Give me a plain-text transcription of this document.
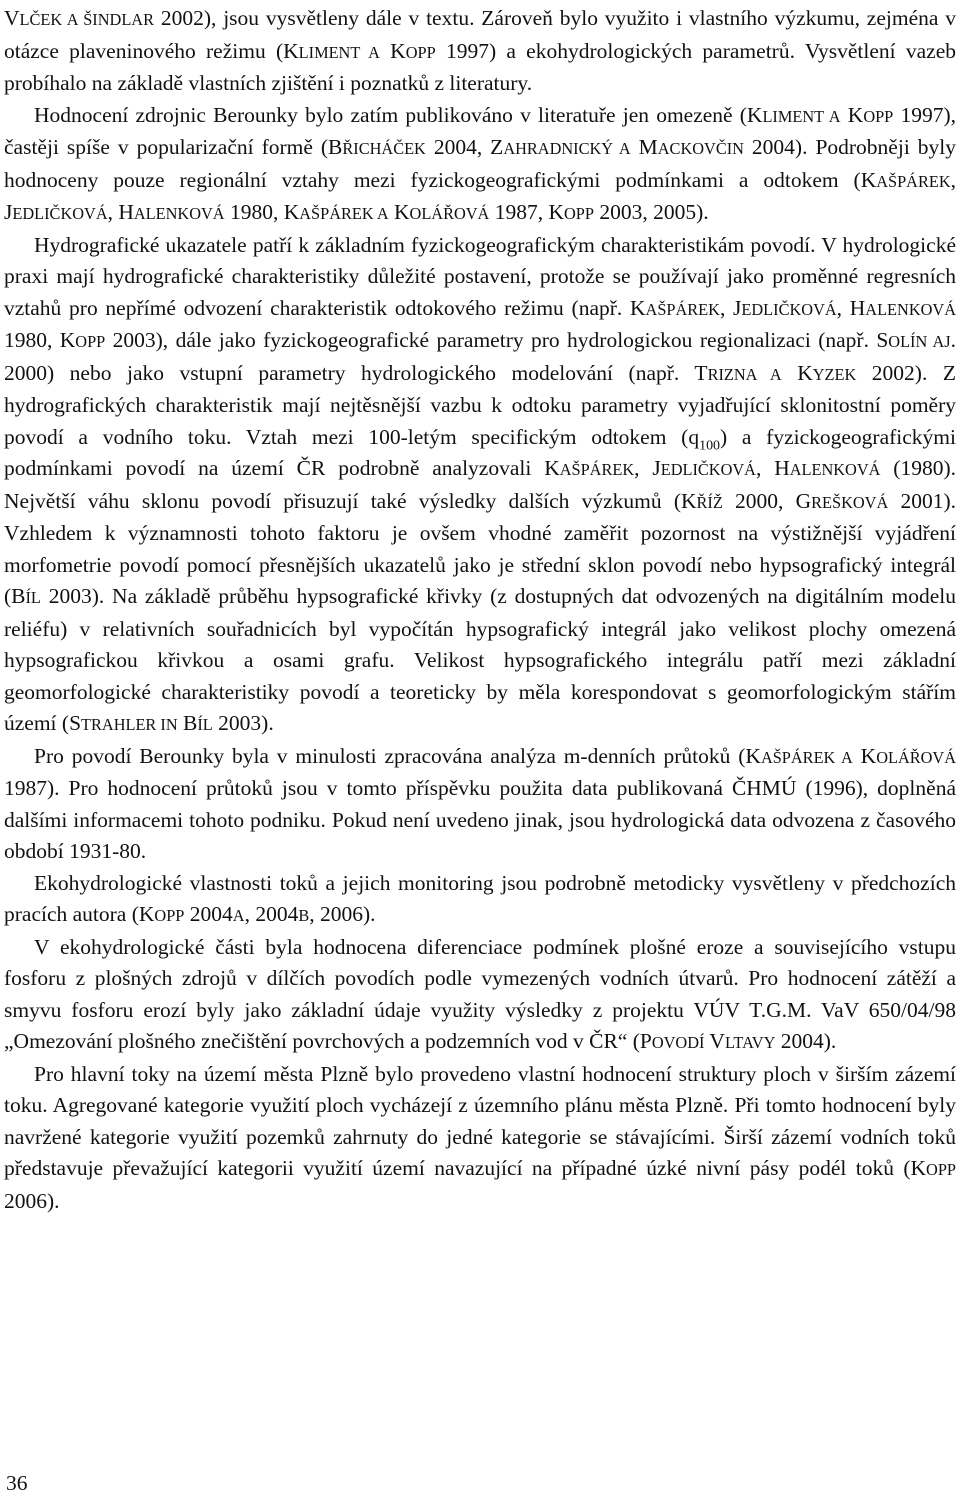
VLČEK A ŠINDLAR 2002), jsou vysvětleny dále v textu. Zároveň bylo využito i vlastního výzkumu, zejména v otázce plaveninového režimu (KLIMENT A KOPP 1997) a ekohydrologických parametrů. Vysvětlení vazeb probíhalo na základě vlastních zjištění i poznatků z literatury.

Hodnocení zdrojnic Berounky bylo zatím publikováno v literatuře jen omezeně (KLIMENT A KOPP 1997), častěji spíše v popularizační formě (BŘICHÁČEK 2004, ZAHRADNICKÝ A MACKOVČIN 2004). Podrobněji byly hodnoceny pouze regionální vztahy mezi fyzickogeografickými podmínkami a odtokem (KAŠPÁREK, JEDLIČKOVÁ, HALENKOVÁ 1980, KAŠPÁREK A KOLÁŘOVÁ 1987, KOPP 2003, 2005).

Hydrografické ukazatele patří k základním fyzickogeografickým charakteristikám povodí. V hydrologické praxi mají hydrografické charakteristiky důležité postavení, protože se používají jako proměnné regresních vztahů pro nepřímé odvození charakteristik odtokového režimu (např. KAŠPÁREK, JEDLIČKOVÁ, HALENKOVÁ 1980, KOPP 2003), dále jako fyzickogeografické parametry pro hydrologickou regionalizaci (např. SOLÍN AJ. 2000) nebo jako vstupní parametry hydrologického modelování (např. TRIZNA A KYZEK 2002). Z hydrografických charakteristik mají nejtěsnější vazbu k odtoku parametry vyjadřující sklonitostní poměry povodí a vodního toku. Vztah mezi 100-letým specifickým odtokem $(q_{100})$ a fyzickogeografickými podmínkami povodí na území ČR podrobně analyzovali KAŠPÁREK, JEDLIČKOVÁ, HALENKOVÁ (1980). Největší váhu sklonu povodí přisuzují také výsledky dalších výzkumů (KŘÍŽ 2000, GREŠKOVÁ 2001). Vzhledem k významnosti tohoto faktoru je ovšem vhodné zaměřit pozornost na výstižnější vyjádření morfometrie povodí pomocí přesnějších ukazatelů jako je střední sklon povodí nebo hypsografický integrál (BÍL 2003). Na základě průběhu hypsografické křivky (z dostupných dat odvozených na digitálním modelu reliéfu) v relativních souřadnicích byl vypočítán hypsografický integrál jako velikost plochy omezená hypsografickou křivkou a osami grafu. Velikost hypsografického integrálu patří mezi základní geomorfologické charakteristiky povodí a teoreticky by měla korespondovat s geomorfologickým stářím území (STRAHLER IN BÍL 2003).

Pro povodí Berounky byla v minulosti zpracována analýza m-denních průtoků (KAŠPÁREK A KOLÁŘOVÁ 1987). Pro hodnocení průtoků jsou v tomto příspěvku použita data publikovaná ČHMÚ (1996), doplněná dalšími informacemi tohoto podniku. Pokud není uvedeno jinak, jsou hydrologická data odvozena z časového období 1931-80.

Ekohydrologické vlastnosti toků a jejich monitoring jsou podrobně metodicky vysvětleny v předchozích pracích autora (KOPP 2004A, 2004B, 2006).

V ekohydrologické části byla hodnocena diferenciace podmínek plošné eroze a souvisejícího vstupu fosforu z plošných zdrojů v dílčích povodích podle vymezených vodních útvarů. Pro hodnocení zátěží a smyvu fosforu erozí byly jako základní údaje využity výsledky z projektu VÚV T.G.M. VaV 650/04/98 „Omezování plošného znečištění povrchových a podzemních vod v ČR“ (POVODÍ VLTAVY 2004).

Pro hlavní toky na území města Plzně bylo provedeno vlastní hodnocení struktury ploch v širším zázemí toku. Agregované kategorie využití ploch vycházejí z územního plánu města Plzně. Při tomto hodnocení byly navržené kategorie využití pozemků zahrnuty do jedné kategorie se stávajícími. Širší zázemí vodních toků představuje převažující kategorii využití území navazující na případné úzké nivní pásy podél toků (KOPP 2006).

36
